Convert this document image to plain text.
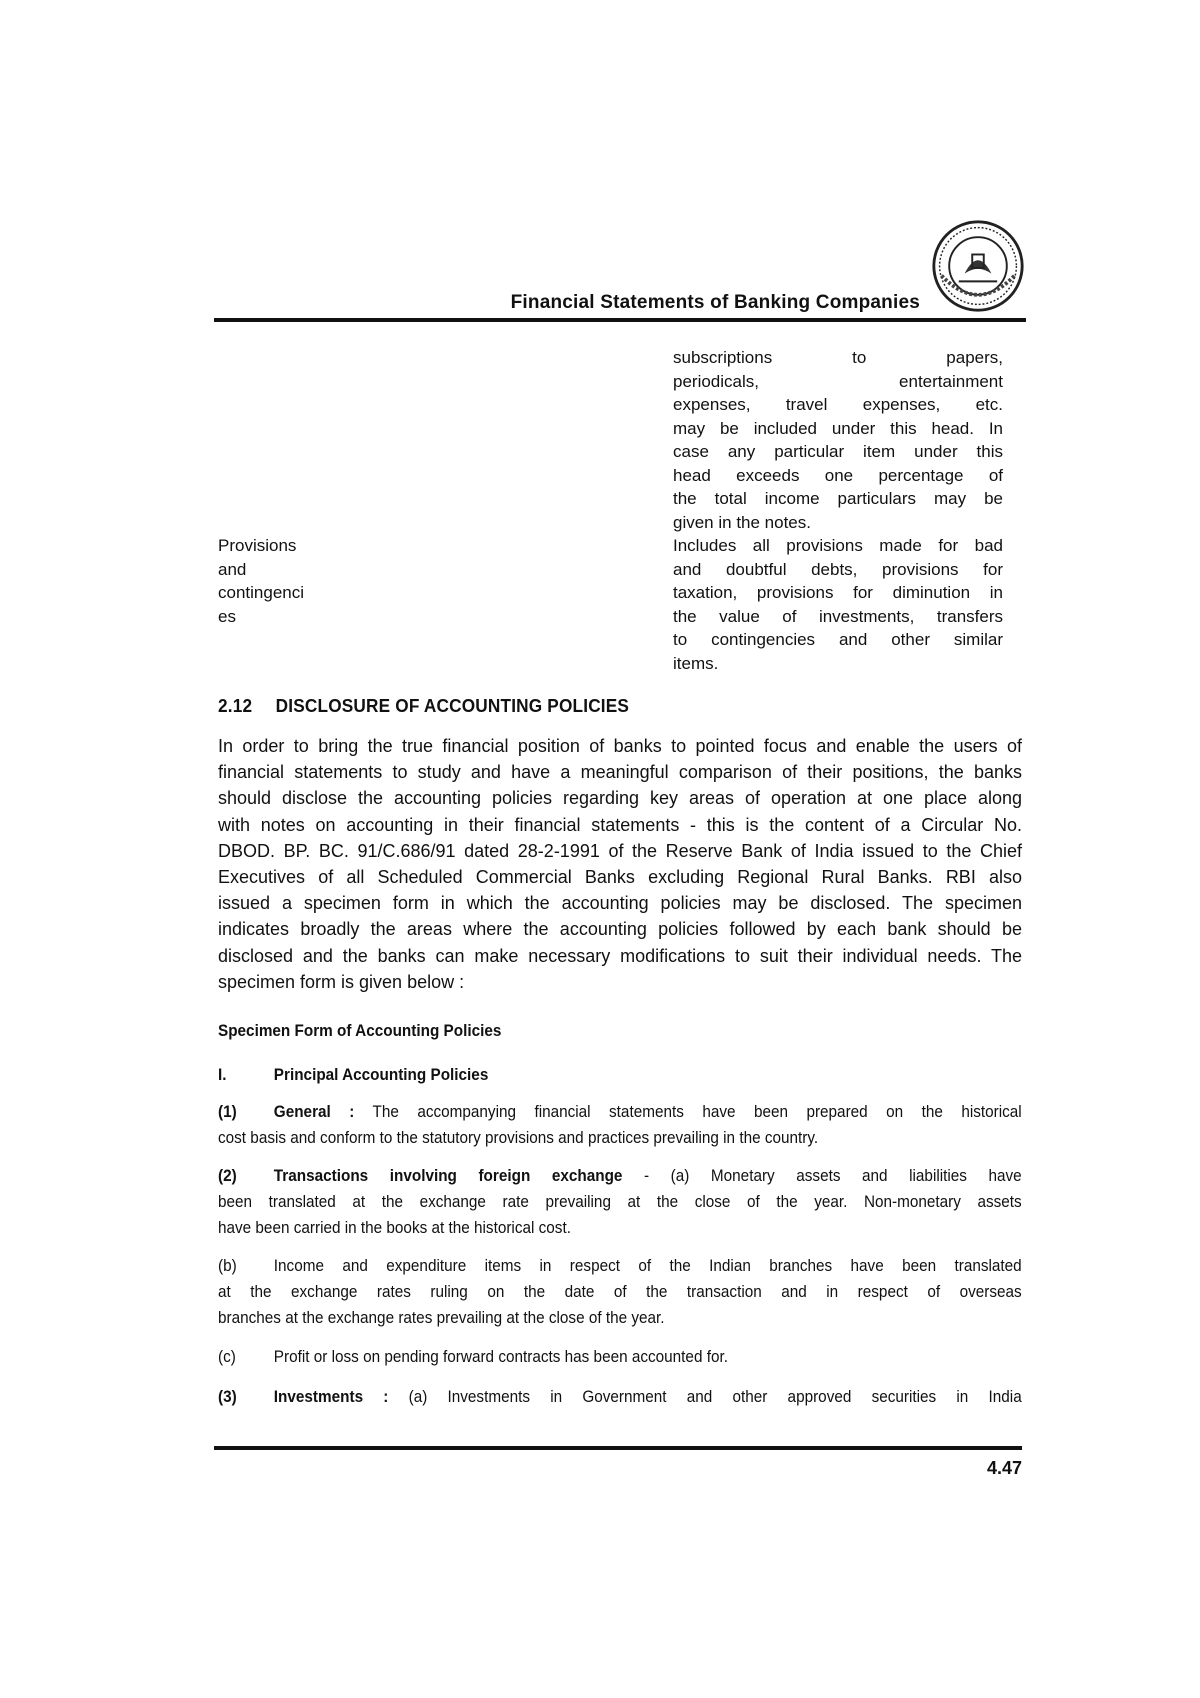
Financial Statements of Banking Companies
Provisions
and
contingenci
es
subscriptions to papers,
periodicals, entertainment
expenses, travel expenses, etc.
may be included under this head. In
case any particular item under this
head exceeds one percentage of
the total income particulars may be
given in the notes.
Includes all provisions made for bad
and doubtful debts, provisions for
taxation, provisions for diminution in
the value of investments, transfers
to contingencies and other similar
items.
2.12 DISCLOSURE OF ACCOUNTING POLICIES
In order to bring the true financial position of banks to pointed focus and enable the users of
financial statements to study and have a meaningful comparison of their positions, the banks
should disclose the accounting policies regarding key areas of operation at one place along
with notes on accounting in their financial statements - this is the content of a Circular No.
DBOD. BP. BC. 91/C.686/91 dated 28-2-1991 of the Reserve Bank of India issued to the Chief
Executives of all Scheduled Commercial Banks excluding Regional Rural Banks. RBI also
issued a specimen form in which the accounting policies may be disclosed. The specimen
indicates broadly the areas where the accounting policies followed by each bank should be
disclosed and the banks can make necessary modifications to suit their individual needs. The
specimen form is given below :
Specimen Form of Accounting Policies
I.	Principal Accounting Policies
(1) General : The accompanying financial statements have been prepared on the historical
cost basis and conform to the statutory provisions and practices prevailing in the country.
(2) Transactions involving foreign exchange - (a) Monetary assets and liabilities have
been translated at the exchange rate prevailing at the close of the year. Non-monetary assets
have been carried in the books at the historical cost.
(b) Income and expenditure items in respect of the Indian branches have been translated
at the exchange rates ruling on the date of the transaction and in respect of overseas
branches at the exchange rates prevailing at the close of the year.
(c) Profit or loss on pending forward contracts has been accounted for.
(3) Investments : (a) Investments in Government and other approved securities in India
4.47
